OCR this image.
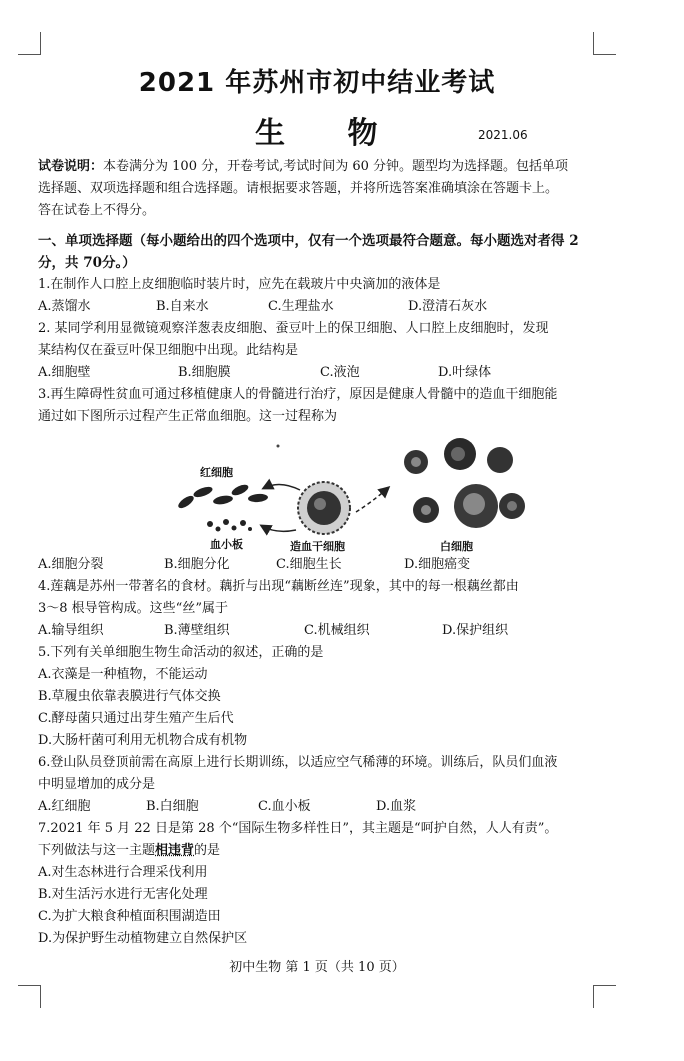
2021 年苏州市初中结业考试
生 物	2021.06

试卷说明：本卷满分为 100 分，开卷考试,考试时间为 60 分钟。题型均为选择题。包括单项
选择题、双项选择题和组合选择题。请根据要求答题，并将所选答案准确填涂在答题卡上。
答在试卷上不得分。

一、单项选择题（每小题给出的四个选项中，仅有一个选项最符合题意。每小题选对者得 2
分，共 70分。）

1.在制作人口腔上皮细胞临时装片时，应先在载玻片中央滴加的液体是

A.蒸馏水	B.自来水	C.生理盐水	D.澄清石灰水

2. 某同学利用显微镜观察洋葱表皮细胞、蚕豆叶上的保卫细胞、人口腔上皮细胞时，发现

某结构仅在蚕豆叶保卫细胞中出现。此结构是

A.细胞壁	B.细胞膜	C.液泡	D.叶绿体

3.再生障碍性贫血可通过移植健康人的骨髓进行治疗，原因是健康人骨髓中的造血干细胞能

通过如下图所示过程产生正常血细胞。这一过程称为

红细胞
血小板	造血干细胞	白细胞
A.细胞分裂	B.细胞分化	C.细胞生长	D.细胞癌变

4.莲藕是苏州一带著名的食材。藕折与出现“藕断丝连”现象，其中的每一根藕丝都由

3～8 根导管构成。这些“丝”属于

A.输导组织	B.薄壁组织	C.机械组织	D.保护组织

5.下列有关单细胞生物生命活动的叙述，正确的是

A.衣藻是一种植物，不能运动

B.草履虫依靠表膜进行气体交换

C.酵母菌只通过出芽生殖产生后代

D.大肠杆菌可利用无机物合成有机物

6.登山队员登顶前需在高原上进行长期训练，以适应空气稀薄的环境。训练后，队员们血液

中明显增加的成分是

A.红细胞	B.白细胞	C.血小板	D.血浆

7.2021 年 5 月 22 日是第 28 个“国际生物多样性日”，其主题是“呵护自然，人人有责”。

下列做法与这一主题相违背的是

A.对生态林进行合理采伐利用

B.对生活污水进行无害化处理

C.为扩大粮食种植面积围湖造田

D.为保护野生动植物建立自然保护区

初中生物 第 1 页（共 10 页）
